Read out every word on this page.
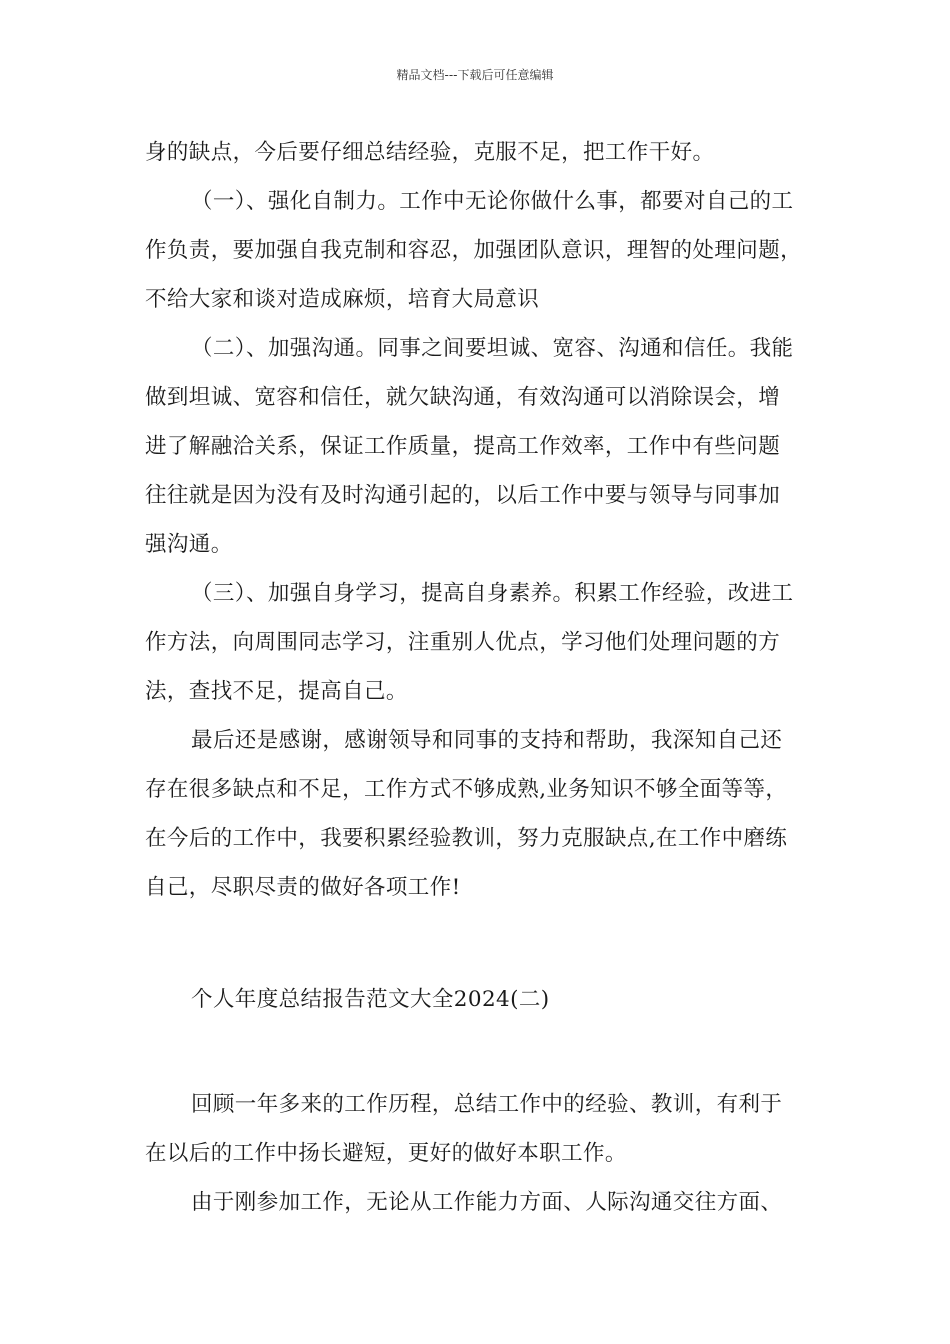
精品文档---下载后可任意编辑
身的缺点，今后要仔细总结经验，克服不足，把工作干好。
（一）、强化自制力。工作中无论你做什么事，都要对自己的工
作负责，要加强自我克制和容忍，加强团队意识，理智的处理问题，
不给大家和谈对造成麻烦，培育大局意识
（二）、加强沟通。同事之间要坦诚、宽容、沟通和信任。我能
做到坦诚、宽容和信任，就欠缺沟通，有效沟通可以消除误会，增
进了解融洽关系，保证工作质量，提高工作效率，工作中有些问题
往往就是因为没有及时沟通引起的，以后工作中要与领导与同事加
强沟通。
（三）、加强自身学习，提高自身素养。积累工作经验，改进工
作方法，向周围同志学习，注重别人优点，学习他们处理问题的方
法，查找不足，提高自己。
最后还是感谢，感谢领导和同事的支持和帮助，我深知自己还
存在很多缺点和不足，工作方式不够成熟,业务知识不够全面等等，
在今后的工作中，我要积累经验教训，努力克服缺点,在工作中磨练
自己，尽职尽责的做好各项工作!
个人年度总结报告范文大全2024(二)
回顾一年多来的工作历程，总结工作中的经验、教训，有利于
在以后的工作中扬长避短，更好的做好本职工作。
由于刚参加工作，无论从工作能力方面、人际沟通交往方面、
